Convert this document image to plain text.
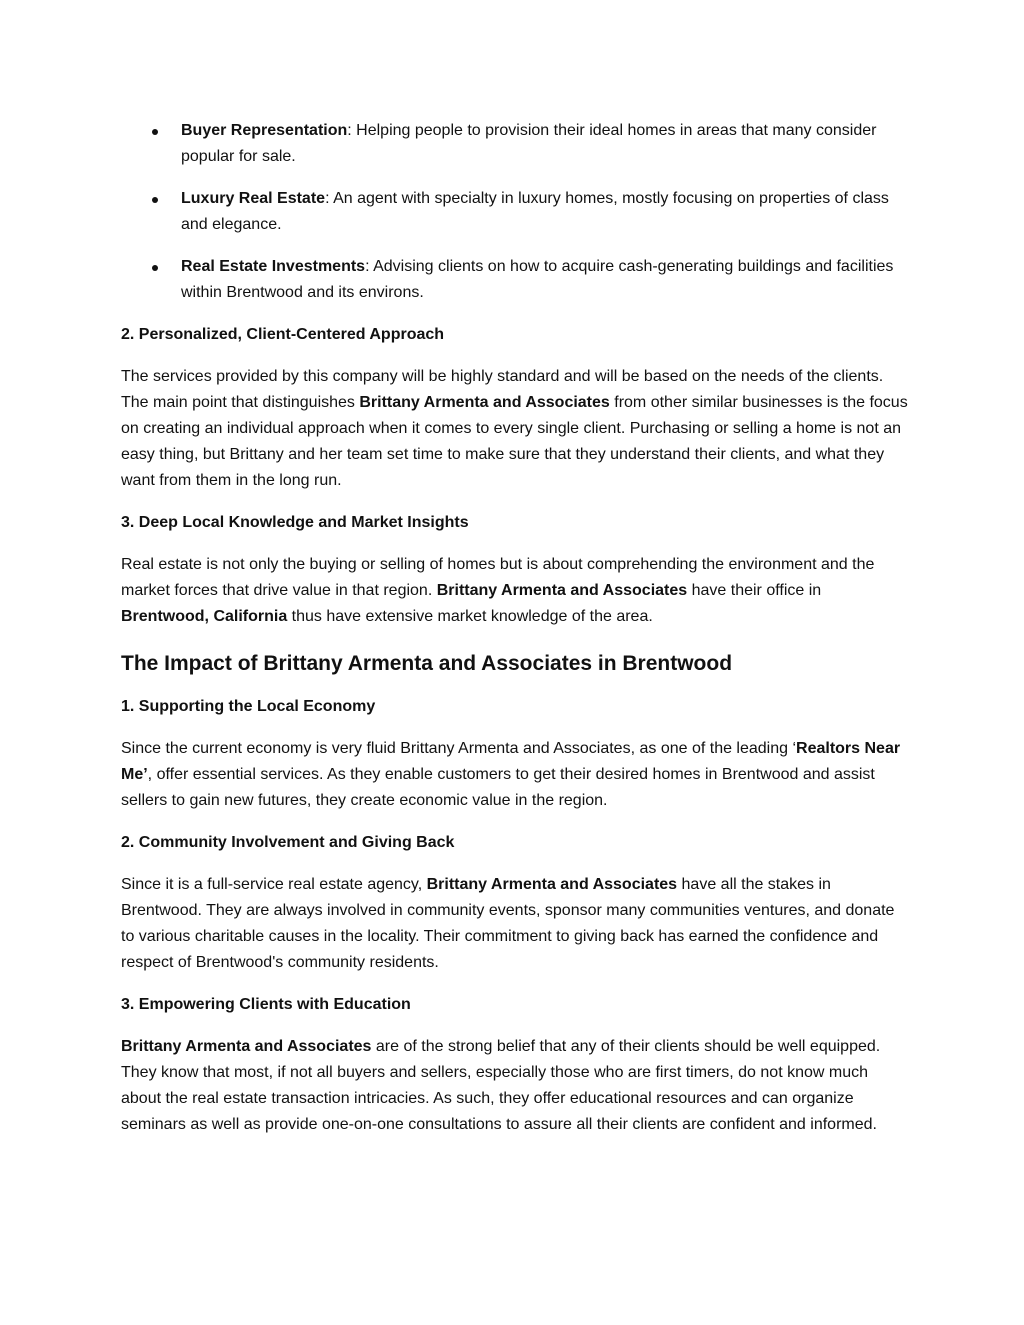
Buyer Representation: Helping people to provision their ideal homes in areas that many consider popular for sale.
Luxury Real Estate: An agent with specialty in luxury homes, mostly focusing on properties of class and elegance.
Real Estate Investments: Advising clients on how to acquire cash-generating buildings and facilities within Brentwood and its environs.
2. Personalized, Client-Centered Approach

The services provided by this company will be highly standard and will be based on the needs of the clients. The main point that distinguishes Brittany Armenta and Associates from other similar businesses is the focus on creating an individual approach when it comes to every single client. Purchasing or selling a home is not an easy thing, but Brittany and her team set time to make sure that they understand their clients, and what they want from them in the long run.

3. Deep Local Knowledge and Market Insights

Real estate is not only the buying or selling of homes but is about comprehending the environment and the market forces that drive value in that region. Brittany Armenta and Associates have their office in Brentwood, California thus have extensive market knowledge of the area.

The Impact of Brittany Armenta and Associates in Brentwood
1. Supporting the Local Economy

Since the current economy is very fluid Brittany Armenta and Associates, as one of the leading ‘Realtors Near Me’, offer essential services. As they enable customers to get their desired homes in Brentwood and assist sellers to gain new futures, they create economic value in the region.

2. Community Involvement and Giving Back

Since it is a full-service real estate agency, Brittany Armenta and Associates have all the stakes in Brentwood. They are always involved in community events, sponsor many communities ventures, and donate to various charitable causes in the locality. Their commitment to giving back has earned the confidence and respect of Brentwood's community residents.

3. Empowering Clients with Education

Brittany Armenta and Associates are of the strong belief that any of their clients should be well equipped. They know that most, if not all buyers and sellers, especially those who are first timers, do not know much about the real estate transaction intricacies. As such, they offer educational resources and can organize seminars as well as provide one-on-one consultations to assure all their clients are confident and informed.
